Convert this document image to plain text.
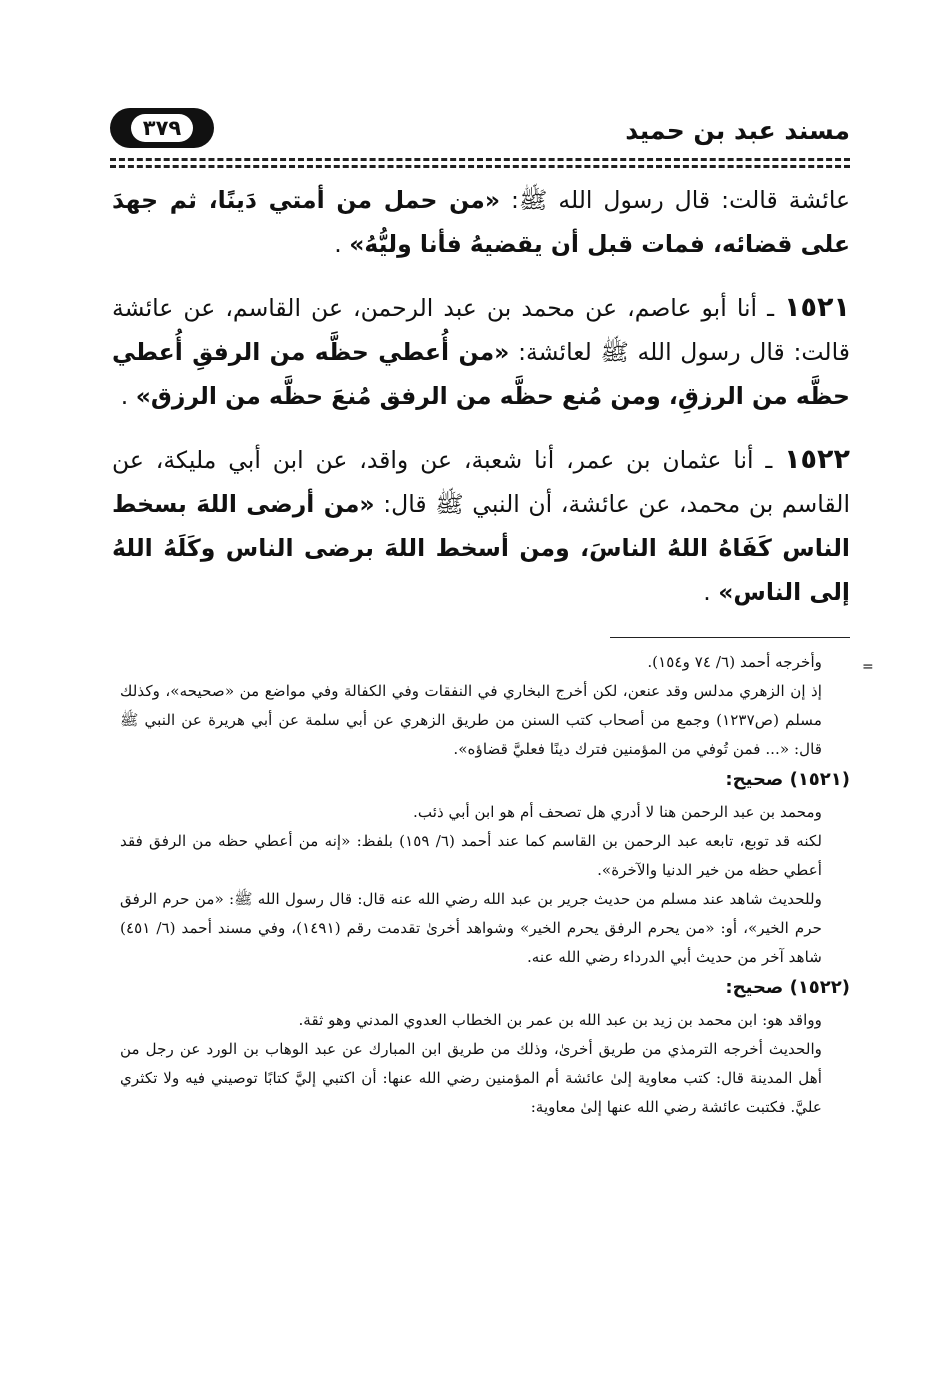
مسند عبد بن حميد
٣٧٩

عائشة قالت: قال رسول الله ﷺ: «من حمل من أمتي دَينًا، ثم جهدَ على قضائه، فمات قبل أن يقضيهُ فأنا وليُّهُ» .

١٥٢١ ـ أنا أبو عاصم، عن محمد بن عبد الرحمن، عن القاسم، عن عائشة قالت: قال رسول الله ﷺ لعائشة: «من أُعطي حظَّه من الرفقِ أُعطي حظَّه من الرزقِ، ومن مُنع حظَّه من الرفق مُنعَ حظَّه من الرزق» .

١٥٢٢ ـ أنا عثمان بن عمر، أنا شعبة، عن واقد، عن ابن أبي مليكة، عن القاسم بن محمد، عن عائشة، أن النبي ﷺ قال: «من أرضى اللهَ بسخط الناس كَفَاهُ اللهُ الناسَ، ومن أسخط اللهَ برضى الناس وكَلَهُ اللهُ إلى الناس» .

=

وأخرجه أحمد (٦/ ٧٤ و١٥٤).

إذ إن الزهري مدلس وقد عنعن، لكن أخرج البخاري في النفقات وفي الكفالة وفي مواضع من «صحيحه»، وكذلك مسلم (ص١٢٣٧) وجمع من أصحاب كتب السنن من طريق الزهري عن أبي سلمة عن أبي هريرة عن النبي ﷺ قال: «... فمن تُوفي من المؤمنين فترك دينًا فعليَّ قضاؤه».

(١٥٢١) صحيح:

ومحمد بن عبد الرحمن هنا لا أدري هل تصحف أم هو ابن أبي ذئب.

لكنه قد توبع، تابعه عبد الرحمن بن القاسم كما عند أحمد (٦/ ١٥٩) بلفظ: «إنه من أعطي حظه من الرفق فقد أعطي حظه من خير الدنيا والآخرة».

وللحديث شاهد عند مسلم من حديث جرير بن عبد الله رضي الله عنه قال: قال رسول الله ﷺ: «من حرم الرفق حرم الخير»، أو: «من يحرم الرفق يحرم الخير» وشواهد أخرىٰ تقدمت رقم (١٤٩١)، وفي مسند أحمد (٦/ ٤٥١) شاهد آخر من حديث أبي الدرداء رضي الله عنه.

(١٥٢٢) صحيح:

وواقد هو: ابن محمد بن زيد بن عبد الله بن عمر بن الخطاب العدوي المدني وهو ثقة.

والحديث أخرجه الترمذي من طريق أخرىٰ، وذلك من طريق ابن المبارك عن عبد الوهاب بن الورد عن رجل من أهل المدينة قال: كتب معاوية إلىٰ عائشة أم المؤمنين رضي الله عنها: أن اكتبي إليَّ كتابًا توصيني فيه ولا تكثري عليَّ. فكتبت عائشة رضي الله عنها إلىٰ معاوية:
